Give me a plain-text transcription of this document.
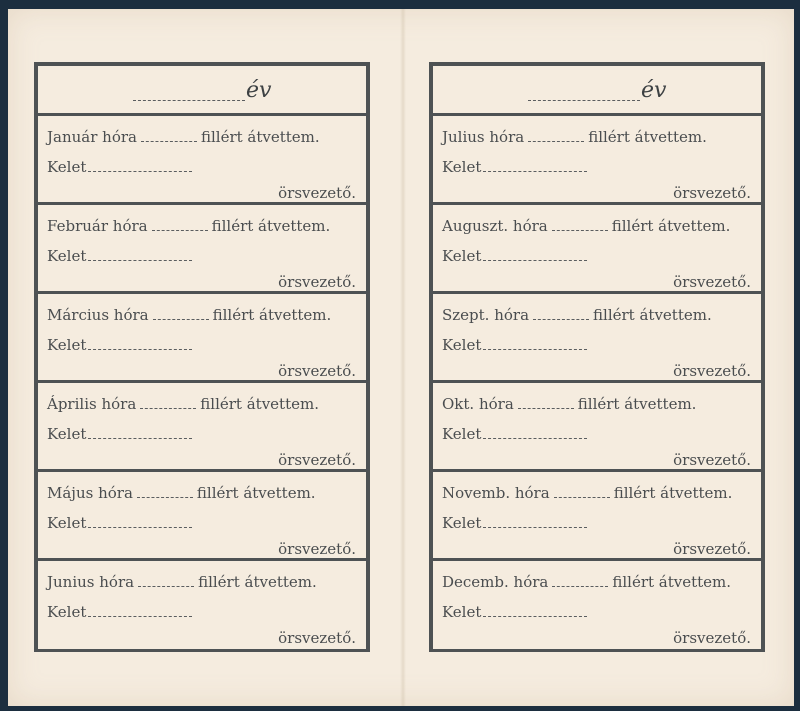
év
Január hóra	fillért átvettem.
Kelet
örsvezető.
Február hóra	fillért átvettem.
Kelet
örsvezető.
Március hóra	fillért átvettem.
Kelet
örsvezető.
Április hóra	fillért átvettem.
Kelet
örsvezető.
Május hóra	fillért átvettem.
Kelet
örsvezető.
Junius hóra	fillért átvettem.
Kelet
örsvezető.
év
Julius hóra	fillért átvettem.
Kelet
örsvezető.
Auguszt. hóra	fillért átvettem.
Kelet
örsvezető.
Szept. hóra	fillért átvettem.
Kelet
örsvezető.
Okt. hóra	fillért átvettem.
Kelet
örsvezető.
Novemb. hóra	fillért átvettem.
Kelet
örsvezető.
Decemb. hóra	fillért átvettem.
Kelet
örsvezető.
